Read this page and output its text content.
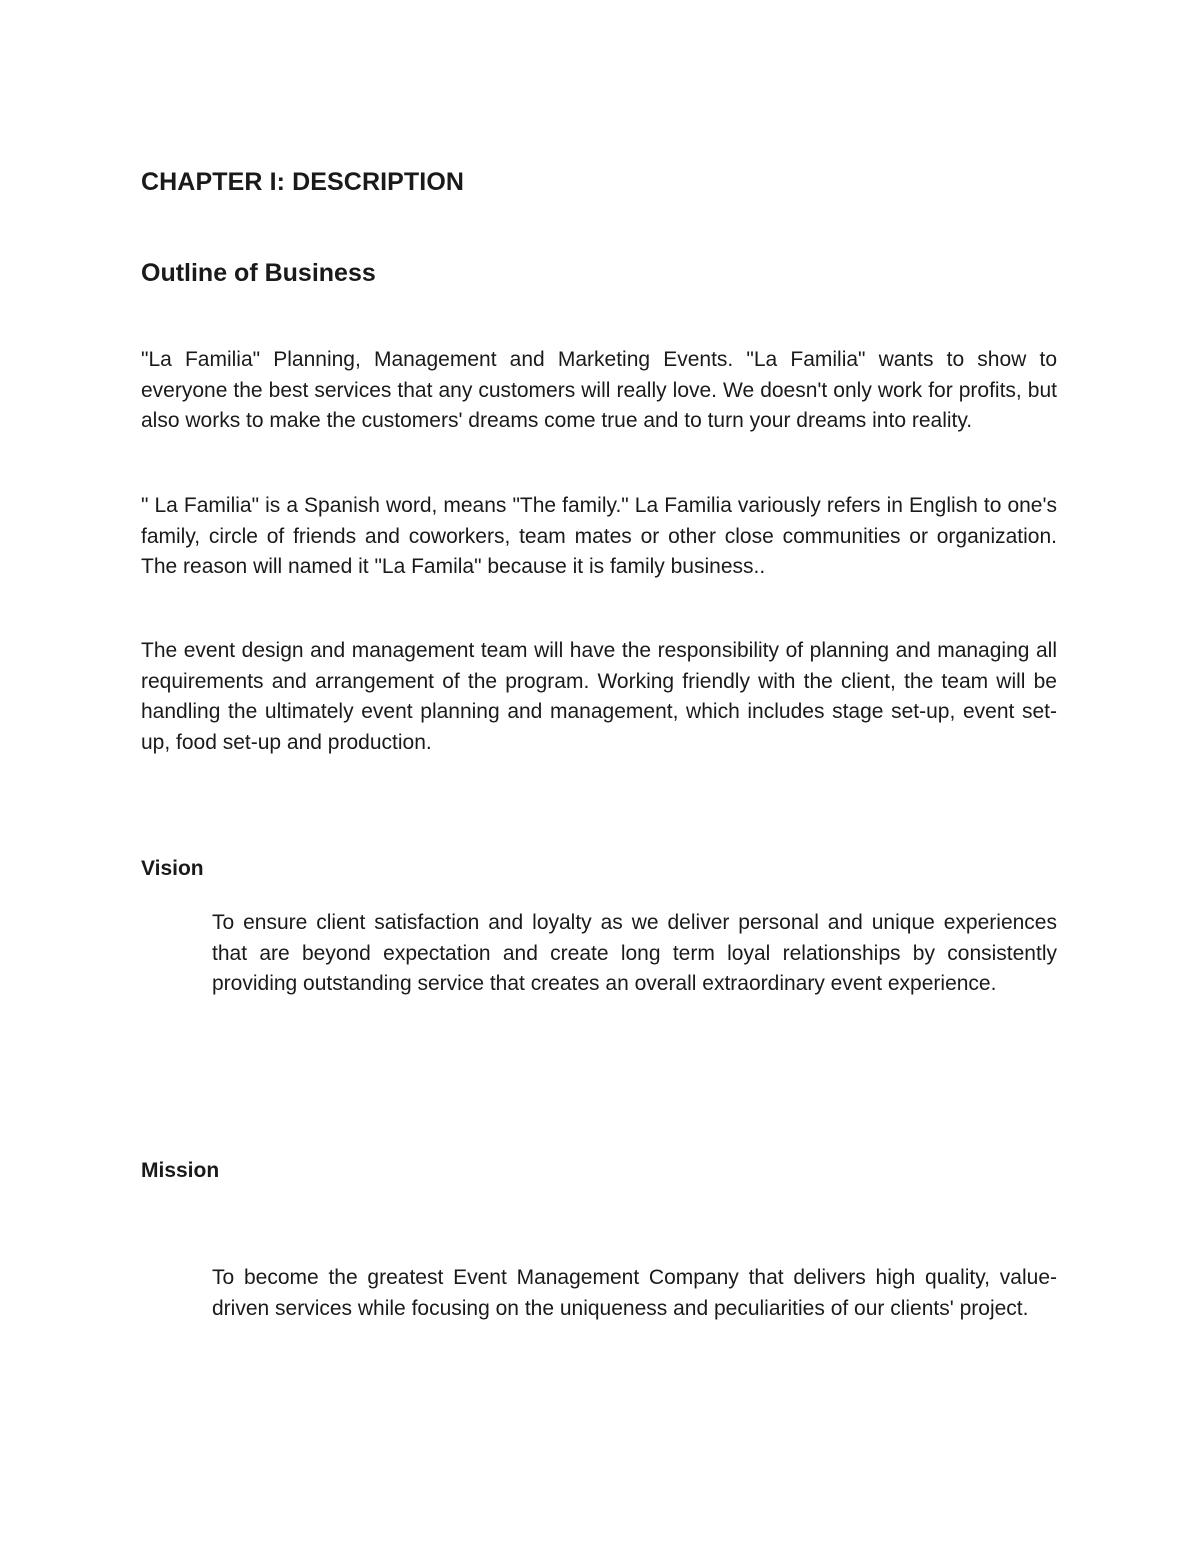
CHAPTER I: DESCRIPTION
Outline of Business

"La Familia" Planning, Management and Marketing Events. "La Familia" wants to show to everyone the best services that any customers will really love. We doesn't only work for profits, but also works to make the customers' dreams come true and to turn your dreams into reality.

" La Familia" is a Spanish word, means "The family." La Familia variously refers in English to one's family, circle of friends and coworkers, team mates or other close communities or organization. The reason will named it "La Famila" because it is family business..

The event design and management team will have the responsibility of planning and managing all requirements and arrangement of the program. Working friendly with the client, the team will be handling the ultimately event planning and management, which includes stage set-up, event set-up, food set-up and production.

Vision

To ensure client satisfaction and loyalty as we deliver personal and unique experiences that are beyond expectation and create long term loyal relationships by consistently providing outstanding service that creates an overall extraordinary event experience.

Mission

To become the greatest Event Management Company that delivers high quality, value-driven services while focusing on the uniqueness and peculiarities of our clients' project.
